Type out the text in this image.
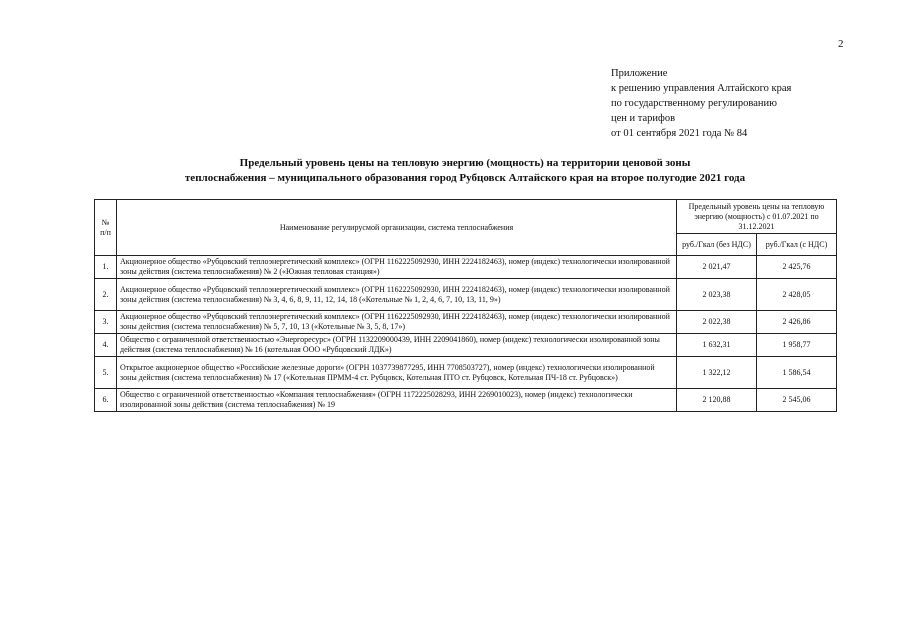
2
Приложение
к решению управления Алтайского края
по государственному регулированию
цен и тарифов
от 01 сентября 2021 года № 84
Предельный уровень цены на тепловую энергию (мощность) на территории ценовой зоны
теплоснабжения – муниципального образования город Рубцовск Алтайского края на второе полугодие 2021 года
№ п/п	Наименование регулирусмой организации, система теплоснабжения	Предельный уровень цены на тепловую энергию (мощность) с 01.07.2021 по 31.12.2021	
		руб./Гкал (без НДС)	руб./Гкал (с НДС)
1.	Акционерное общество «Рубцовский теплоэнергетический комплекс» (ОГРН 1162225092930, ИНН 2224182463), номер (индекс) технологически изолированной зоны действия (система теплоснабжения) № 2 («Южная тепловая станция»)	2 021,47	2 425,76
2.	Акционерное общество «Рубцовский теплоэнергетический комплекс» (ОГРН 1162225092930, ИНН 2224182463), номер (индекс) технологически изолированной зоны действия (система теплоснабжения) № 3, 4, 6, 8, 9, 11, 12, 14, 18 («Котельные № 1, 2, 4, 6, 7, 10, 13, 11, 9»)	2 023,38	2 428,05
3.	Акционерное общество «Рубцовский теплоэнергетический комплекс» (ОГРН 1162225092930, ИНН 2224182463), номер (индекс) технологически изолированной зоны действия (система теплоснабжения) № 5, 7, 10, 13 («Котельные № 3, 5, 8, 17»)	2 022,38	2 426,86
4.	Общество с ограниченной ответственностью «Энергоресурс» (ОГРН 1132209000439, ИНН 2209041860), номер (индекс) технологически изолированной зоны действия (система теплоснабжения) № 16 (котельная ООО «Рубцовский ЛДК»)	1 632,31	1 958,77
5.	Открытое акционерное общество «Российские железные дороги» (ОГРН 1037739877295, ИНН 7708503727), номер (индекс) технологически изолированной зоны действия (система теплоснабжения) № 17 («Котельная ПРММ-4 ст. Рубцовск, Котельная ПТО ст. Рубцовск, Котельная ПЧ-18 ст. Рубцовск»)	1 322,12	1 586,54
6.	Общество с ограниченной ответственностью «Компания теплоснабжения» (ОГРН 1172225028293, ИНН 2269010023), номер (индекс) технологически изолированной зоны действия (система теплоснабжения) № 19	2 120,88	2 545,06
